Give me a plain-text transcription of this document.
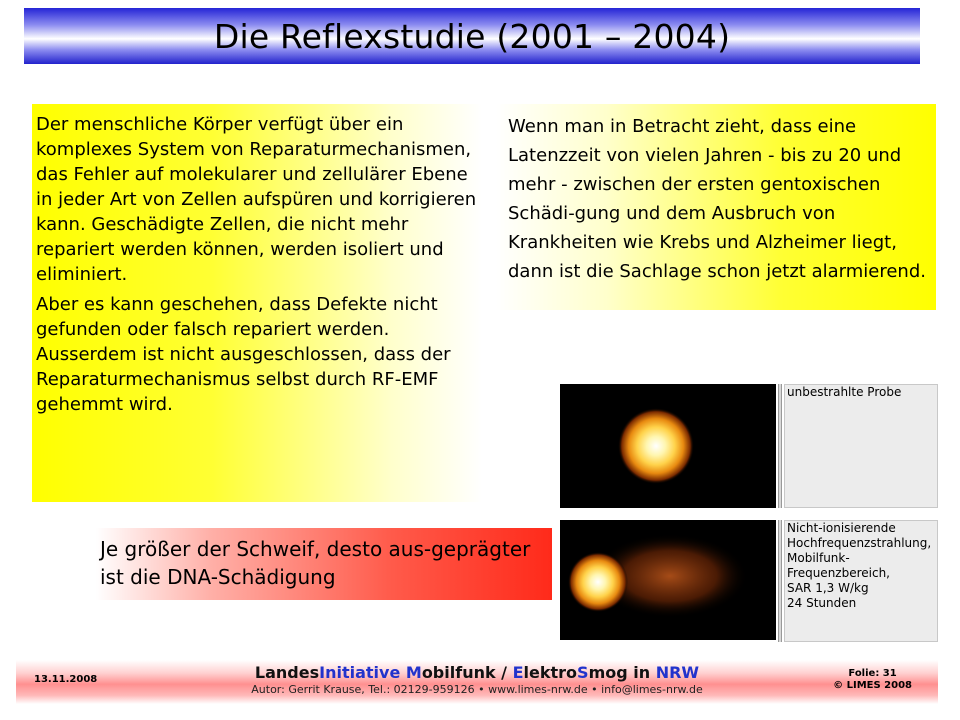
Die Reflexstudie (2001 – 2004)

Der menschliche Körper verfügt über ein komplexes System von Reparaturmechanismen, das Fehler auf molekularer und zellulärer Ebene in jeder Art von Zellen aufspüren und korrigieren kann. Geschädigte Zellen, die nicht mehr repariert werden können, werden isoliert und eliminiert.

Aber es kann geschehen, dass Defekte nicht gefunden oder falsch repariert werden. Ausserdem ist nicht ausgeschlossen, dass der Reparaturmechanismus selbst durch RF-EMF gehemmt wird.

Wenn man in Betracht zieht, dass eine Latenzzeit von vielen Jahren - bis zu 20 und mehr - zwischen der ersten gentoxischen Schädi-gung und dem Ausbruch von Krankheiten wie Krebs und Alzheimer liegt, dann ist die Sachlage schon jetzt alarmierend.

Je größer der Schweif, desto aus-geprägter ist die DNA-Schädigung

unbestrahlte Probe
Nicht-ionisierende
Hochfrequenzstrahlung,
Mobilfunk-
Frequenzbereich,
SAR 1,3 W/kg
24 Stunden
13.11.2008	LandesInitiative Mobilfunk / ElektroSmog in NRW
Autor: Gerrit Krause, Tel.: 02129-959126 • www.limes-nrw.de • info@limes-nrw.de
Folie: 31
© LIMES 2008
